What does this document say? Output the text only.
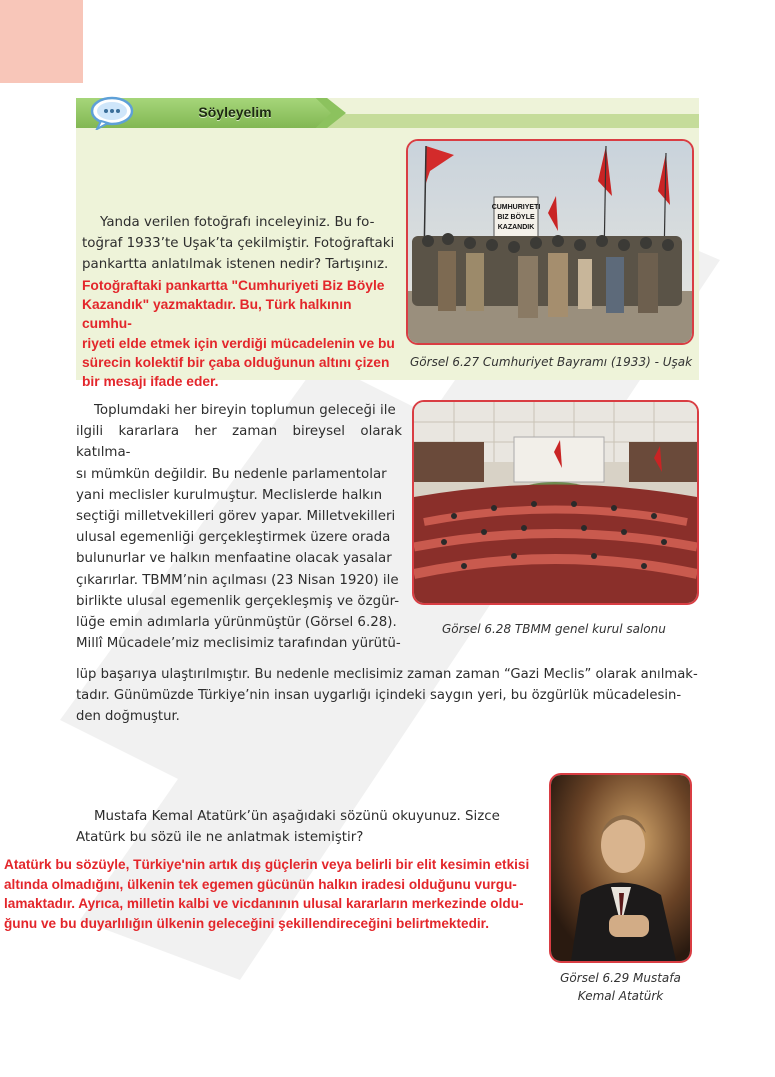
Söyleyelim
Yanda verilen fotoğrafı inceleyiniz. Bu fo-
toğraf 1933’te Uşak’ta çekilmiştir. Fotoğraftaki
pankartta anlatılmak istenen nedir? Tartışınız.
Fotoğraftaki pankartta "Cumhuriyeti Biz Böyle
Kazandık" yazmaktadır. Bu, Türk halkının cumhu-
riyeti elde etmek için verdiği mücadelenin ve bu
sürecin kolektif bir çaba olduğunun altını çizen
bir mesajı ifade eder.
CUMHURIYETI
BIZ BÖYLE
KAZANDIK
Görsel 6.27 Cumhuriyet Bayramı (1933) - Uşak
Toplumdaki her bireyin toplumun geleceği ile
ilgili kararlara her zaman bireysel olarak katılma-
sı mümkün değildir. Bu nedenle parlamentolar
yani meclisler kurulmuştur. Meclislerde halkın
seçtiği milletvekilleri görev yapar. Milletvekilleri
ulusal egemenliği gerçekleştirmek üzere orada
bulunurlar ve halkın menfaatine olacak yasalar
çıkarırlar. TBMM’nin açılması (23 Nisan 1920) ile
birlikte ulusal egemenlik gerçekleşmiş ve özgür-
lüğe emin adımlarla yürünmüştür (Görsel 6.28).
Millî Mücadele’miz meclisimiz tarafından yürütü-
lüp başarıya ulaştırılmıştır. Bu nedenle meclisimiz zaman zaman “Gazi Meclis” olarak anılmak-
tadır. Günümüzde Türkiye’nin insan uygarlığı içindeki saygın yeri, bu özgürlük mücadelesin-
den doğmuştur.
Görsel 6.28 TBMM genel kurul salonu
Mustafa Kemal Atatürk’ün aşağıdaki sözünü okuyunuz. Sizce
Atatürk bu sözü ile ne anlatmak istemiştir?
Atatürk bu sözüyle, Türkiye'nin artık dış güçlerin veya belirli bir elit kesimin etkisi
altında olmadığını, ülkenin tek egemen gücünün halkın iradesi olduğunu vurgu-
lamaktadır. Ayrıca, milletin kalbi ve vicdanının ulusal kararların merkezinde oldu-
ğunu ve bu duyarlılığın ülkenin geleceğini şekillendireceğini belirtmektedir.
Görsel 6.29 Mustafa
Kemal Atatürk
